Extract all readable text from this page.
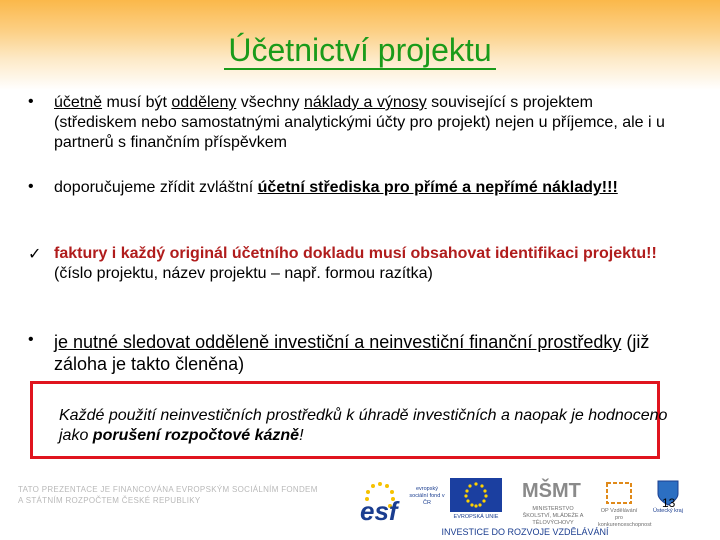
Účetnictví projektu
•	účetně musí být odděleny všechny náklady a výnosy související s projektem (střediskem nebo samostatnými analytickými účty pro projekt) nejen u příjemce, ale i u partnerů s finančním příspěvkem
•	doporučujeme zřídit zvláštní účetní střediska pro přímé a nepřímé náklady!!!
✓ faktury i každý originál účetního dokladu musí obsahovat identifikaci projektu!! (číslo projektu, název projektu – např. formou razítka)
•	je nutné sledovat odděleně investiční a neinvestiční finanční prostředky (již záloha je takto členěna)
Každé použití neinvestičních prostředků k úhradě investičních a naopak je hodnoceno jako porušení rozpočtové kázně!
TATO PREZENTACE JE FINANCOVÁNA EVROPSKÝM SOCIÁLNÍM FONDEM A STÁTNÍM ROZPOČTEM ČESKÉ REPUBLIKY	esf
evropský sociální fond v ČR
EVROPSKÁ UNIE
MŠMT
MINISTERSTVO ŠKOLSTVÍ, MLÁDEŽE A TĚLOVÝCHOVY
OP Vzdělávání pro konkurenceschopnost
Ústecký kraj
INVESTICE DO ROZVOJE VZDĚLÁVÁNÍ
13
